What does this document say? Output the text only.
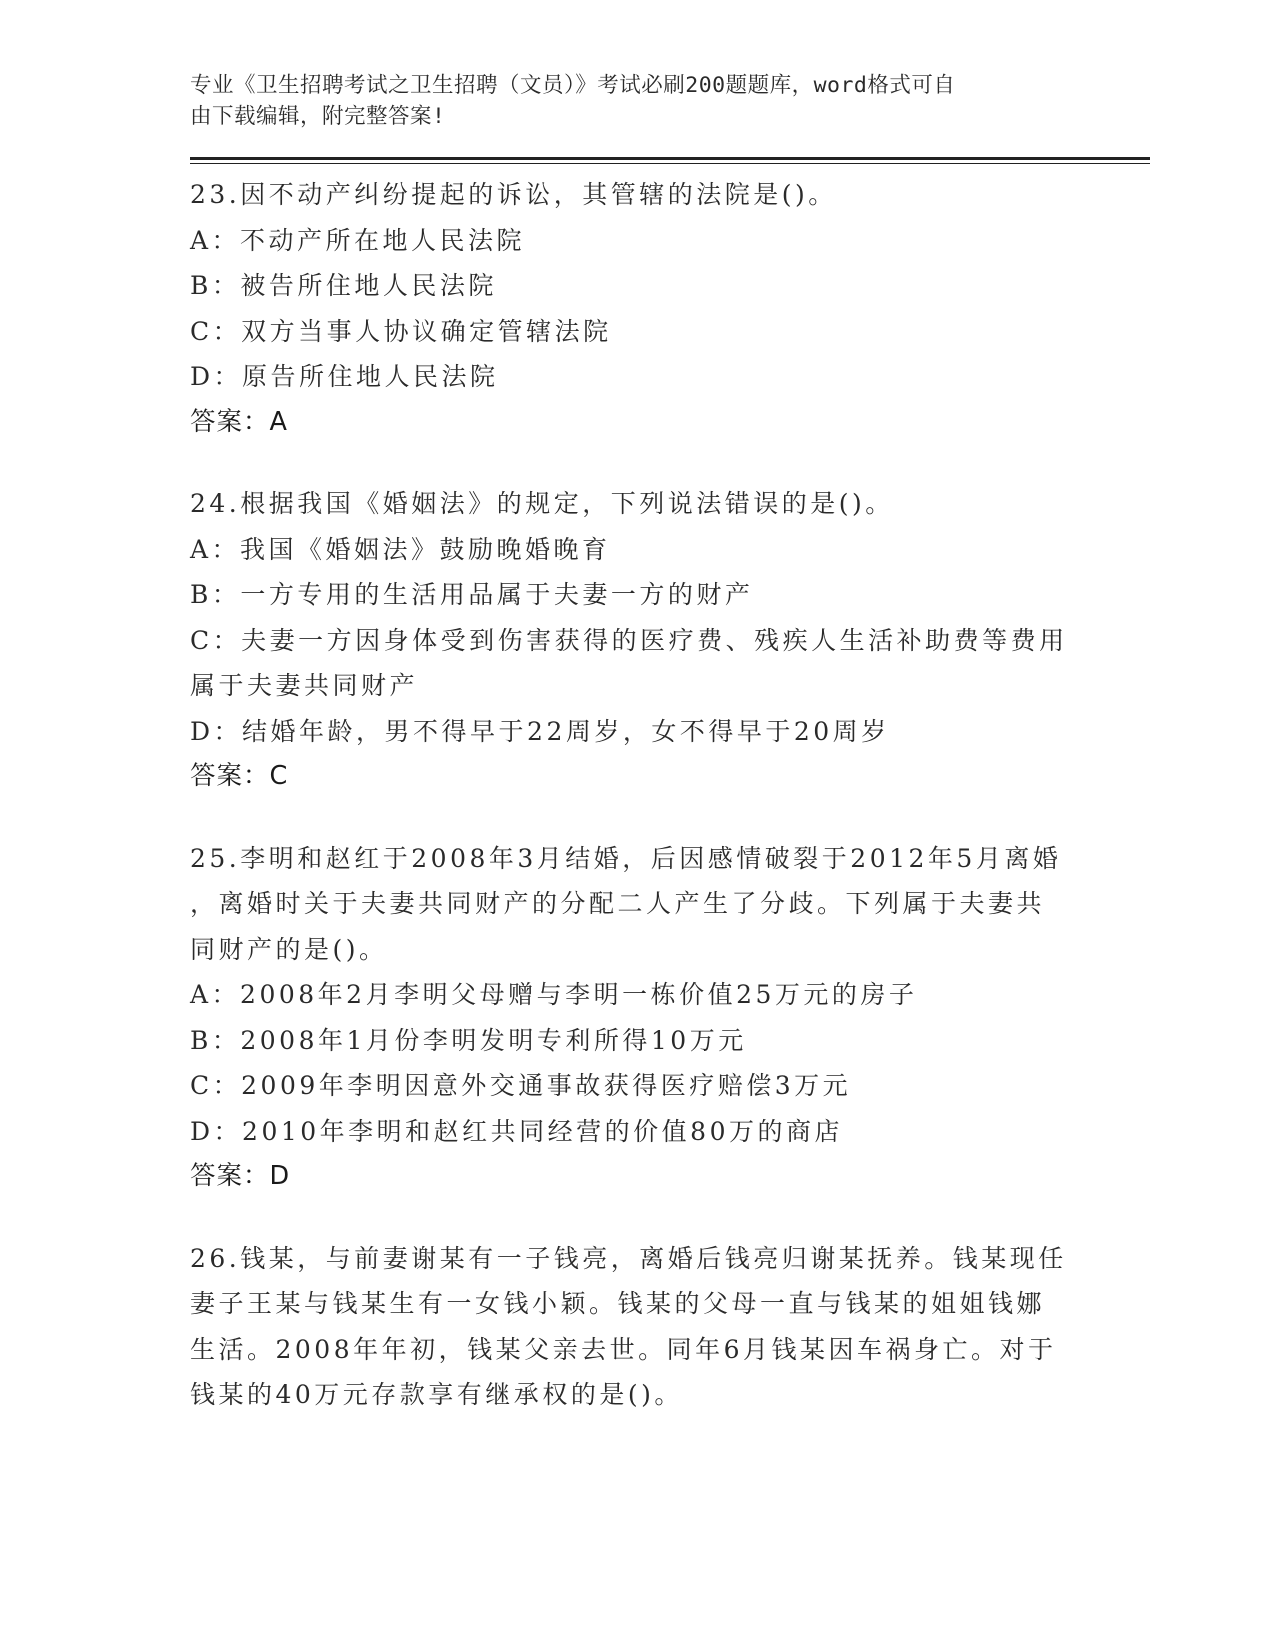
专业《卫生招聘考试之卫生招聘（文员）》考试必刷200题题库，word格式可自
由下载编辑，附完整答案!
23.因不动产纠纷提起的诉讼，其管辖的法院是()。
A：不动产所在地人民法院
B：被告所住地人民法院
C：双方当事人协议确定管辖法院
D：原告所住地人民法院
答案：A
24.根据我国《婚姻法》的规定，下列说法错误的是()。
A：我国《婚姻法》鼓励晚婚晚育
B：一方专用的生活用品属于夫妻一方的财产
C：夫妻一方因身体受到伤害获得的医疗费、残疾人生活补助费等费用
属于夫妻共同财产
D：结婚年龄，男不得早于22周岁，女不得早于20周岁
答案：C
25.李明和赵红于2008年3月结婚，后因感情破裂于2012年5月离婚
，离婚时关于夫妻共同财产的分配二人产生了分歧。下列属于夫妻共
同财产的是()。
A：2008年2月李明父母赠与李明一栋价值25万元的房子
B：2008年1月份李明发明专利所得10万元
C：2009年李明因意外交通事故获得医疗赔偿3万元
D：2010年李明和赵红共同经营的价值80万的商店
答案：D
26.钱某，与前妻谢某有一子钱亮，离婚后钱亮归谢某抚养。钱某现任
妻子王某与钱某生有一女钱小颖。钱某的父母一直与钱某的姐姐钱娜
生活。2008年年初，钱某父亲去世。同年6月钱某因车祸身亡。对于
钱某的40万元存款享有继承权的是()。
